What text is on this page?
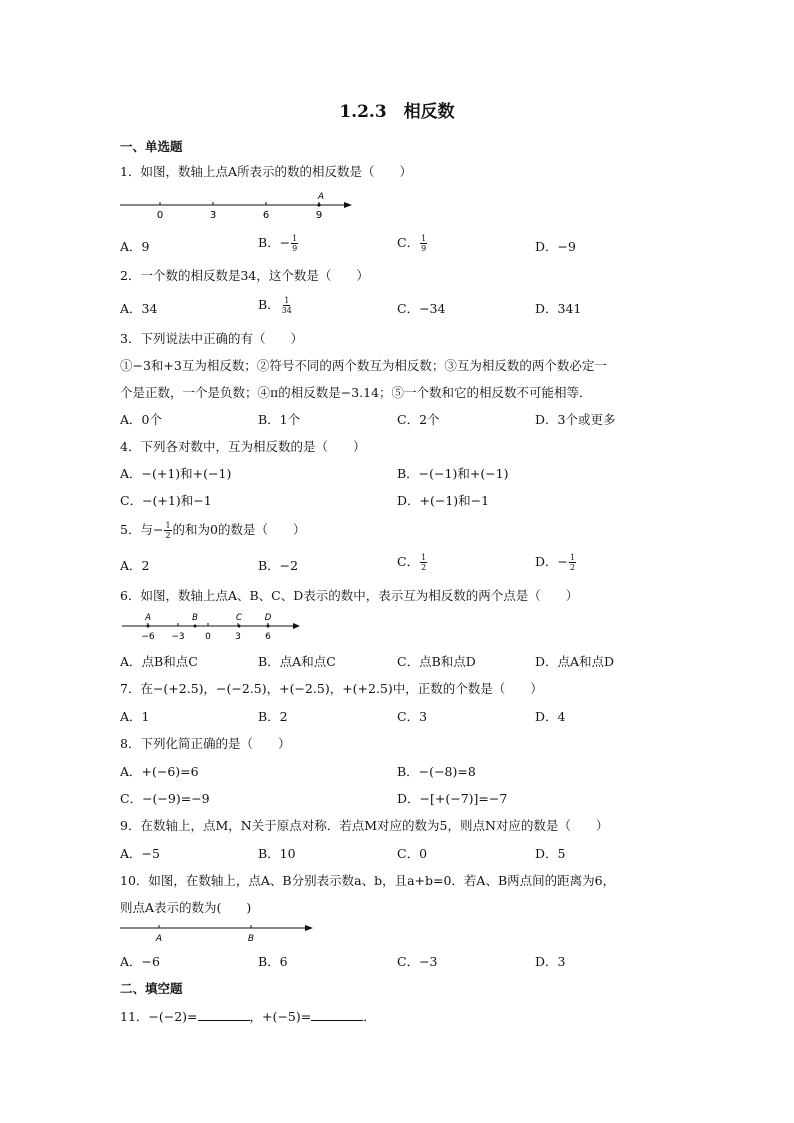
1.2.3　相反数
一、单选题
1．如图，数轴上点A所表示的数的相反数是（　　）
0	3	6	9
A
A．9	B．− $\frac{1}{9}$	C． $\frac{1}{9}$	D．−9
2．一个数的相反数是34，这个数是（　　）
A．34	B． $\frac{1}{34}$	C．−34	D．341
3．下列说法中正确的有（　　）
①−3和+3互为相反数；②符号不同的两个数互为相反数；③互为相反数的两个数必定一
个是正数，一个是负数；④π的相反数是−3.14；⑤一个数和它的相反数不可能相等．
A．0个	B．1个	C．2个	D．3个或更多
4．下列各对数中，互为相反数的是（　　）
A．−(+1)和+(−1)	B．−(−1)和+(−1)
C．−(+1)和−1	D．+(−1)和−1
5．与− $\frac{1}{2}$ 的和为0的数是（　　）
A．2	B．−2	C． $\frac{1}{2}$	D．− $\frac{1}{2}$
6．如图，数轴上点A、B、C、D表示的数中，表示互为相反数的两个点是（　　）
A	B	C	D
−6 −3 0	3	6
A．点B和点C	B．点A和点C	C．点B和点D	D．点A和点D
7．在−(+2.5)，−(−2.5)，+(−2.5)，+(+2.5)中，正数的个数是（　　）
A．1	B．2	C．3	D．4
8．下列化简正确的是（　　）
A．+(−6)=6	B．−(−8)=8
C．−(−9)=−9	D．−[+(−7)]=−7
9．在数轴上，点M，N关于原点对称．若点M对应的数为5，则点N对应的数是（　　）
A．−5	B．10	C．0	D．5
10．如图，在数轴上，点A、B分别表示数a、b，且a+b=0．若A、B两点间的距离为6，
则点A表示的数为(　　)
A	B
A．−6	B．6	C．−3	D．3
二、填空题
11．−(−2)=	，+(−5)=	．
